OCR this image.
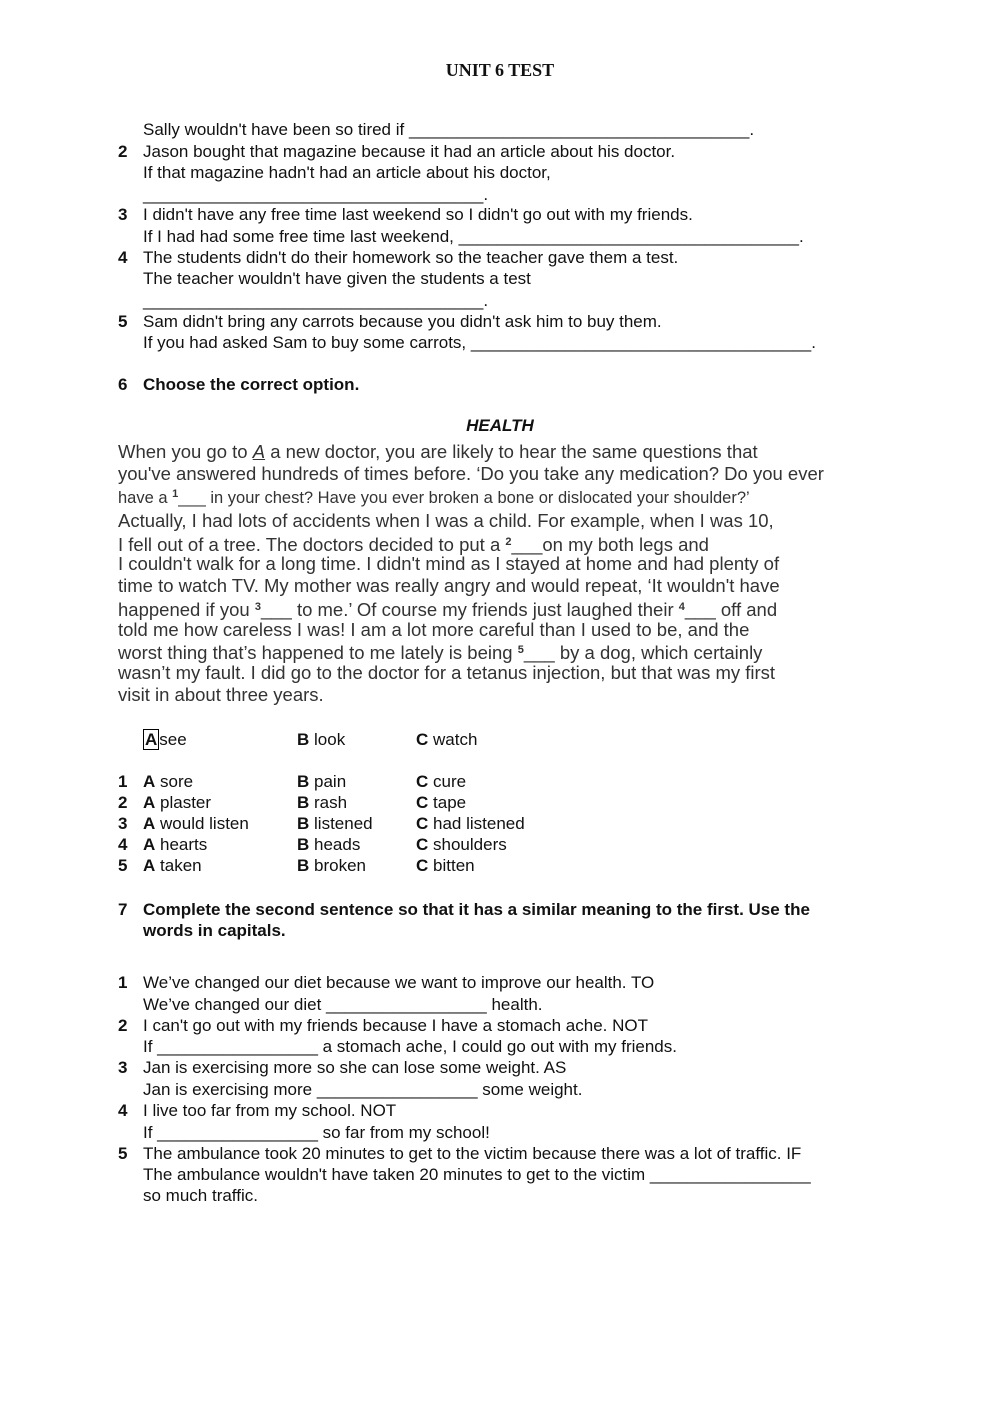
UNIT 6 TEST
Sally wouldn't have been so tired if ____________________________________.
2 Jason bought that magazine because it had an article about his doctor.
If that magazine hadn't had an article about his doctor,
____________________________________.
3 I didn't have any free time last weekend so I didn't go out with my friends.
If I had had some free time last weekend, ____________________________________.
4 The students didn't do their homework so the teacher gave them a test.
The teacher wouldn't have given the students a test
____________________________________.
5 Sam didn't bring any carrots because you didn't ask him to buy them.
If you had asked Sam to buy some carrots, ____________________________________.
6 Choose the correct option.
HEALTH
When you go to A a new doctor, you are likely to hear the same questions that
you've answered hundreds of times before. ‘Do you take any medication? Do you ever
have a $^1$___ in your chest? Have you ever broken a bone or dislocated your shoulder?’
Actually, I had lots of accidents when I was a child. For example, when I was 10,
I fell out of a tree. The doctors decided to put a $^2$___on my both legs and
I couldn't walk for a long time. I didn't mind as I stayed at home and had plenty of
time to watch TV. My mother was really angry and would repeat, ‘It wouldn't have
happened if you $^3$___ to me.’ Of course my friends just laughed their $^4$___ off and
told me how careless I was! I am a lot more careful than I used to be, and the
worst thing that’s happened to me lately is being $^5$___ by a dog, which certainly
wasn’t my fault. I did go to the doctor for a tetanus injection, but that was my first
visit in about three years.
A see	B look	C watch
1 A sore	B pain	C cure
2 A plaster	B rash	C tape
3 A would listen	B listened	C had listened
4 A hearts	B heads	C shoulders
5 A taken	B broken	C bitten
7 Complete the second sentence so that it has a similar meaning to the first. Use the
words in capitals.
1 We’ve changed our diet because we want to improve our health. TO
We’ve changed our diet _________________ health.
2 I can't go out with my friends because I have a stomach ache. NOT
If _________________ a stomach ache, I could go out with my friends.
3 Jan is exercising more so she can lose some weight. AS
Jan is exercising more _________________ some weight.
4 I live too far from my school. NOT
If _________________ so far from my school!
5 The ambulance took 20 minutes to get to the victim because there was a lot of traffic. IF
The ambulance wouldn't have taken 20 minutes to get to the victim _________________
so much traffic.
